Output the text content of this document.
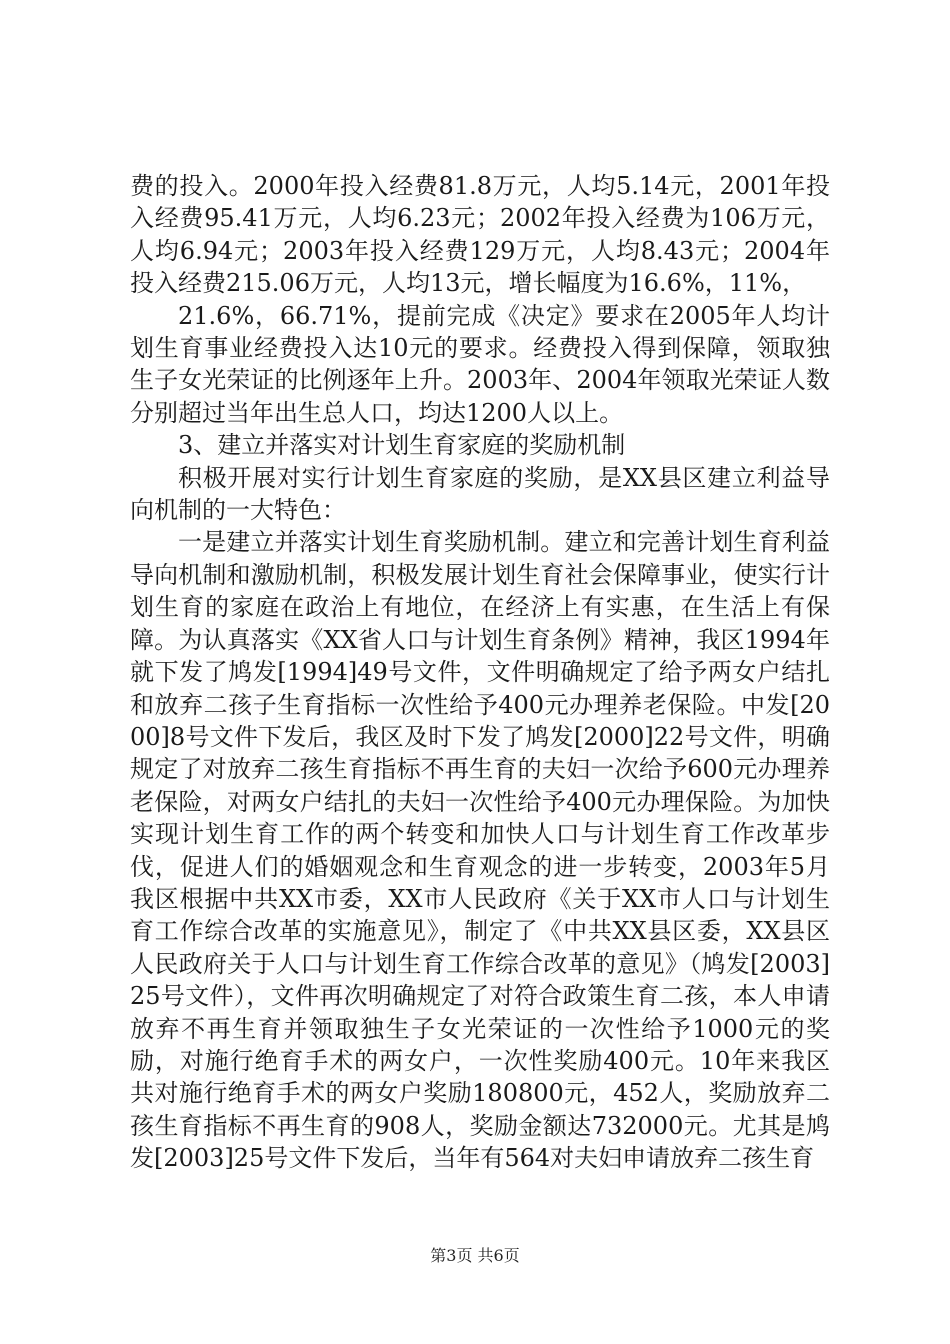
费的投入。2000年投入经费81.8万元，人均5.14元，2001年投入经费95.41万元，人均6.23元；2002年投入经费为106万元，人均6.94元；2003年投入经费129万元，人均8.43元；2004年投入经费215.06万元，人均13元，增长幅度为16.6%，11%，

21.6%，66.71%，提前完成《决定》要求在2005年人均计划生育事业经费投入达10元的要求。经费投入得到保障，领取独生子女光荣证的比例逐年上升。2003年、2004年领取光荣证人数分别超过当年出生总人口，均达1200人以上。

3、建立并落实对计划生育家庭的奖励机制

积极开展对实行计划生育家庭的奖励，是XX县区建立利益导向机制的一大特色：

一是建立并落实计划生育奖励机制。建立和完善计划生育利益导向机制和激励机制，积极发展计划生育社会保障事业，使实行计划生育的家庭在政治上有地位，在经济上有实惠，在生活上有保障。为认真落实《XX省人口与计划生育条例》精神，我区1994年就下发了鸠发[1994]49号文件，文件明确规定了给予两女户结扎和放弃二孩子生育指标一次性给予400元办理养老保险。中发[2000]8号文件下发后，我区及时下发了鸠发[2000]22号文件，明确规定了对放弃二孩生育指标不再生育的夫妇一次给予600元办理养老保险，对两女户结扎的夫妇一次性给予400元办理保险。为加快实现计划生育工作的两个转变和加快人口与计划生育工作改革步伐，促进人们的婚姻观念和生育观念的进一步转变，2003年5月我区根据中共XX市委，XX市人民政府《关于XX市人口与计划生育工作综合改革的实施意见》，制定了《中共XX县区委，XX县区人民政府关于人口与计划生育工作综合改革的意见》（鸠发[2003]25号文件），文件再次明确规定了对符合政策生育二孩，本人申请放弃不再生育并领取独生子女光荣证的一次性给予1000元的奖励，对施行绝育手术的两女户，一次性奖励400元。10年来我区共对施行绝育手术的两女户奖励180800元，452人，奖励放弃二孩生育指标不再生育的908人，奖励金额达732000元。尤其是鸠发[2003]25号文件下发后，当年有564对夫妇申请放弃二孩生育

第3页 共6页
